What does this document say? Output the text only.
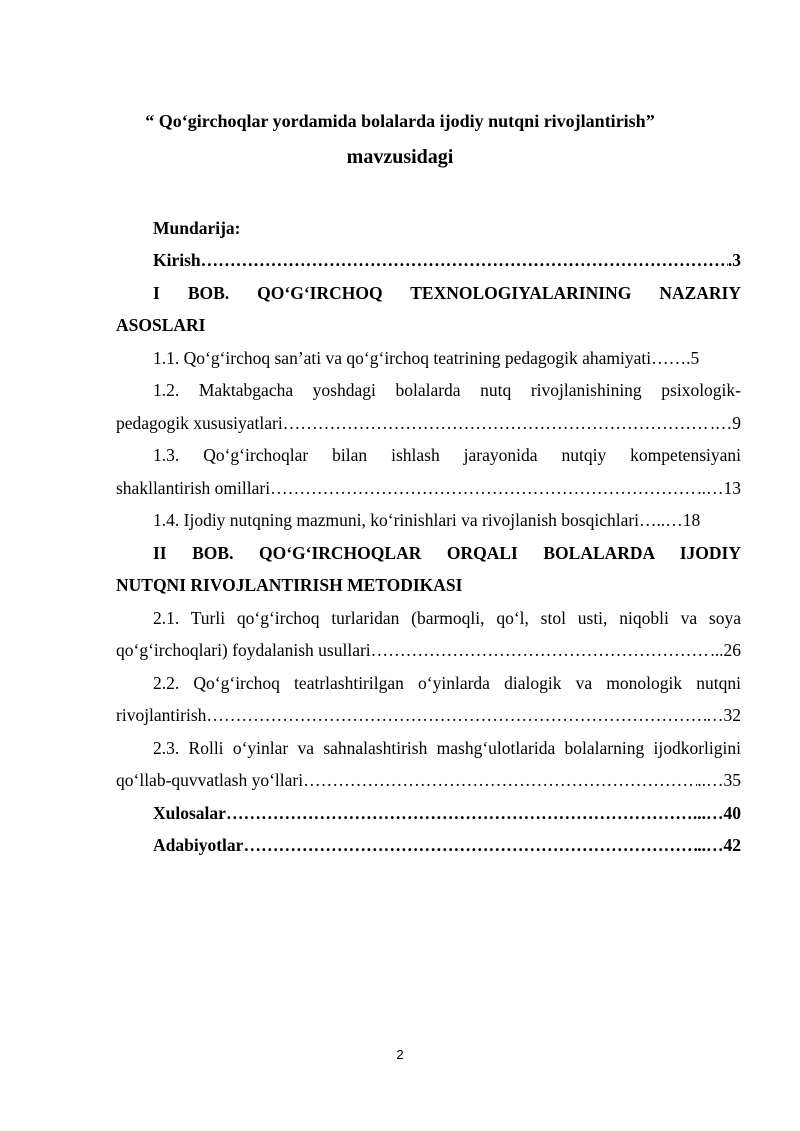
“ Qo‘girchoqlar yordamida bolalarda ijodiy nutqni rivojlantirish”
mavzusidagi
Mundarija:
Kirish ……………………………………………………………………………………………………………………………………………………………………………………	.3
I BOB. QO‘G‘IRCHOQ TEXNOLOGIYALARINING NAZARIY
ASOSLARI
1.1. Qo‘g‘irchoq san’ati va qo‘g‘irchoq teatrining pedagogik ahamiyati …….5
1.2. Maktabgacha yoshdagi bolalarda nutq rivojlanishining psixologik-
pedagogik xususiyatlari ……………………………………………………………………………………………………………………………………………………………………………………	.…9
1.3. Qo‘g‘irchoqlar bilan ishlash jarayonida nutqiy kompetensiyani
shakllantirish omillari ……………………………………………………………………………………………………………………………………………………………………………………	..…13
1.4. Ijodiy nutqning mazmuni, ko‘rinishlari va rivojlanish bosqichlari …..…18
II BOB. QO‘G‘IRCHOQLAR ORQALI BOLALARDA IJODIY
NUTQNI RIVOJLANTIRISH METODIKASI
2.1. Turli qo‘g‘irchoq turlaridan (barmoqli, qo‘l, stol usti, niqobli va soya
qo‘g‘irchoqlari) foydalanish usullari ……………………………………………………………………………………………………………………………………………………………………………………	...26
2.2. Qo‘g‘irchoq teatrlashtirilgan o‘yinlarda dialogik va monologik nutqni
rivojlantirish ……………………………………………………………………………………………………………………………………………………………………………………	…32
2.3. Rolli o‘yinlar va sahnalashtirish mashg‘ulotlarida bolalarning ijodkorligini
qo‘llab-quvvatlash yo‘llari ……………………………………………………………………………………………………………………………………………………………………………………	..…35
Xulosalar ……………………………………………………………………………………………………………………………………………………………………………………	...…40
Adabiyotlar ……………………………………………………………………………………………………………………………………………………………………………………	..…42
2
